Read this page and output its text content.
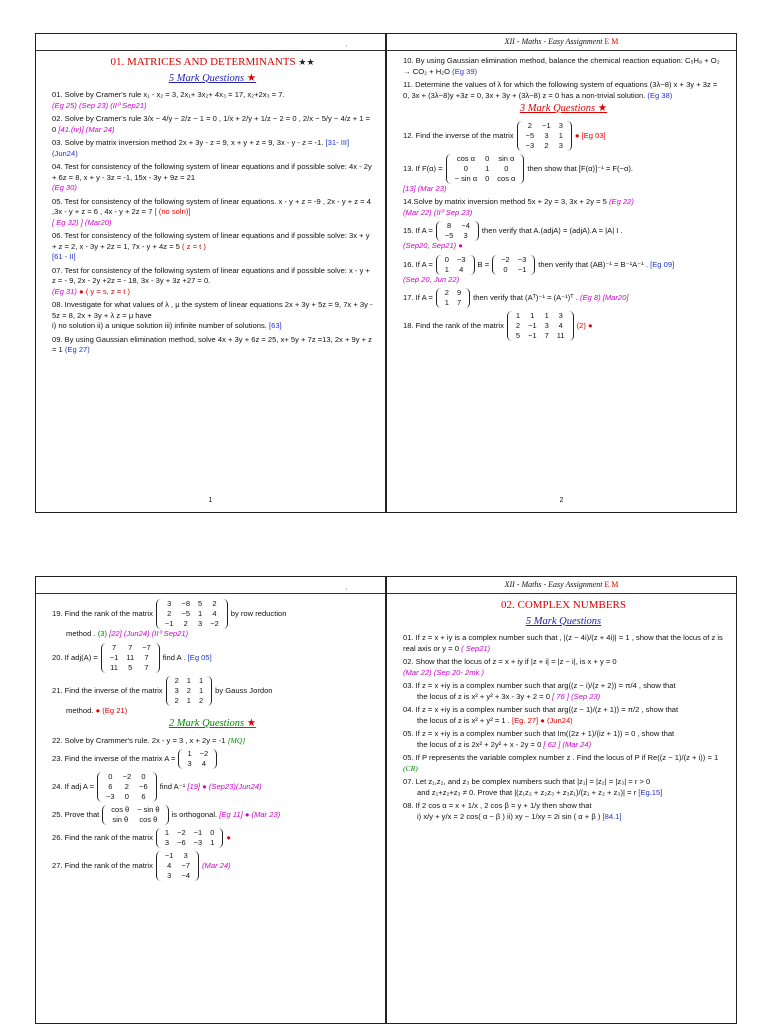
,
01. MATRICES AND DETERMINANTS ★★
5 Mark Questions ★
01. Solve by Cramer's rule x₁ - x₂ = 3, 2x₁+ 3x₂+ 4x₃ = 17, x₂+2x₃ = 7.
(Eg 25) (Sep 23) (II⁰ Sep21)
02. Solve by Cramer's rule 3/x − 4/y − 2/z − 1 = 0 , 1/x + 2/y + 1/z − 2 = 0 , 2/x − 5/y − 4/z + 1 = 0 [41.(iv)] (Mar 24)
03. Solve by matrix inversion method 2x + 3y - z = 9, x + y + z = 9, 3x - y - z = -1. [31- III] (Jun24)
04. Test for consistency of the following system of linear equations and if possible solve: 4x - 2y + 6z = 8, x + y - 3z = -1, 15x - 3y + 9z = 21
(Eg 30)
05. Test for consistency of the following system of linear equations. x - y + z = -9 , 2x - y + z = 4 ,3x - y + z = 6 , 4x - y + 2z = 7 [ (no soln)]
[ Eg 32) ] (Mar20)
06. Test for consistency of the following system of linear equations and if possible solve: 3x + y + z = 2, x - 3y + 2z = 1, 7x - y + 4z = 5 ( z = t )
[61 - II]
07. Test for consistency of the following system of linear equations and if possible solve: x - y + z = - 9, 2x - 2y +2z = - 18, 3x - 3y + 3z +27 = 0.
(Eg 31) ● ( y = s, z = t )
08. Investigate for what values of λ , μ the system of linear equations 2x + 3y + 5z = 9, 7x + 3y - 5z = 8, 2x + 3y + λ z = μ have
i) no solution ii) a unique solution iii) infinite number of solutions. [63]
09. By using Gaussian elimination method, solve 4x + 3y + 6z = 25, x+ 5y + 7z =13, 2x + 9y + z = 1 (Eg 27)
1
XII - Maths - Easy Assignment E M
10. By using Gaussian elimination method, balance the chemical reaction equation: C₅H₈ + O₂ → CO₂ + H₂O (Eg 39)
11. Determine the values of λ for which the following system of equations (3λ−8) x + 3y + 3z = 0, 3x + (3λ−8)y +3z = 0, 3x + 3y + (3λ−8) z = 0 has a non-trivial solution. (Eg 38)
3 Mark Questions ★
12. Find the inverse of the matrix
2	−1	3
−5	3	1
−3	2	3
● [Eg 03]
13. If F(α) =
cos α	0	sin α
0	1	0
− sin α	0	cos α
then show that [F(α)]⁻¹ = F(−α).
[13] (Mar 23)
14.Solve by matrix inversion method 5x + 2y = 3, 3x + 2y = 5 (Eg 22)
(Mar 22) (II⁰ Sep 23)
15. If A =
8	−4
−5	3
then verify that A.(adjA) = (adjA).A = |A| I .
(Sep20, Sep21) ●
16. If A =
0	−3
1	4
B =
−2	−3
0	−1
then verify that (AB)⁻¹ = B⁻¹A⁻¹ . [Eg 09]
(Sep 20, Jun 22)
17. If A =
2	9
1	7
then verify that (Aᵀ)⁻¹ = (A⁻¹)ᵀ . (Eg 8) [Mar20]
18. Find the rank of the matrix
1	1	1	3
2	−1	3	4
5	−1	7	11
(2) ●
2
,
19. Find the rank of the matrix
3	−8	5	2
2	−5	1	4
−1	2	3	−2
by row reduction
method . (3) [22] (Jun24) (II⁰ Sep21)
20. If adj(A) =
7	7	−7
−1	11	7
11	5	7
find A . [Eg 05]
21. Find the inverse of the matrix
2	1	1
3	2	1
2	1	2
by Gauss Jordon
method. ● (Eg 21)
2 Mark Questions ★
22. Solve by Crammer's rule. 2x - y = 3 , x + 2y = -1 [MQ]
23. Find the inverse of the matrix A =
1	−2
3	4
24. If adj A =
0	−2	0
6	2	−6
−3	0	6
find A⁻¹ [19] ● (Sep23)(Jun24)
25. Prove that
cos θ	− sin θ
sin θ	cos θ
is orthogonal. [Eg 11] ● (Mar 23)
26. Find the rank of the matrix
1	−2	−1	0
3	−6	−3	1
●
27. Find the rank of the matrix
−1	3
4	−7
3	−4
(Mar 24)
XII - Maths - Easy Assignment E M
02. COMPLEX NUMBERS
5 Mark Questions
01. If z = x + iy is a complex number such that , |(z − 4i)/(z + 4i)| = 1 , show that the locus of z is real axis or y = 0 ( Sep21)
02. Show that the locus of z = x + iy if |z + i| = |z − i|, is x + y = 0
(Mar 22) (Sep 20- 2mk )
03. If z = x +iy is a complex number such that arg((z − i)/(z + 2)) = π/4 , show that
the locus of z is x² + y² + 3x - 3y + 2 = 0 [ 76 ] (Sep 23)
04. If z = x +iy is a complex number such that arg((z − 1)/(z + 1)) = π/2 , show that
the locus of z is x² + y² = 1 . [Eg. 27] ● (Jun24)
05. If z = x +iy is a complex number such that Im((2z + 1)/(iz + 1)) = 0 , show that
the locus of z is 2x² + 2y² + x - 2y = 0 [ 62 ] (Mar 24)
05. If P represents the variable complex number z . Find the locus of P if Re((z − 1)/(z + i)) = 1 (CR)
07. Let z₁,z₂, and z₃ be complex numbers such that |z₁| = |z₂| = |z₃| = r > 0
and z₁+z₂+z₃ ≠ 0. Prove that |(z₁z₂ + z₂z₃ + z₃z₁)/(z₁ + z₂ + z₃)| = r [Eg.15]
08. If 2 cos α = x + 1/x , 2 cos β = y + 1/y then show that
i) x/y + y/x = 2 cos( α − β ) ii) xy − 1/xy = 2i sin ( α + β ) [84.1]
